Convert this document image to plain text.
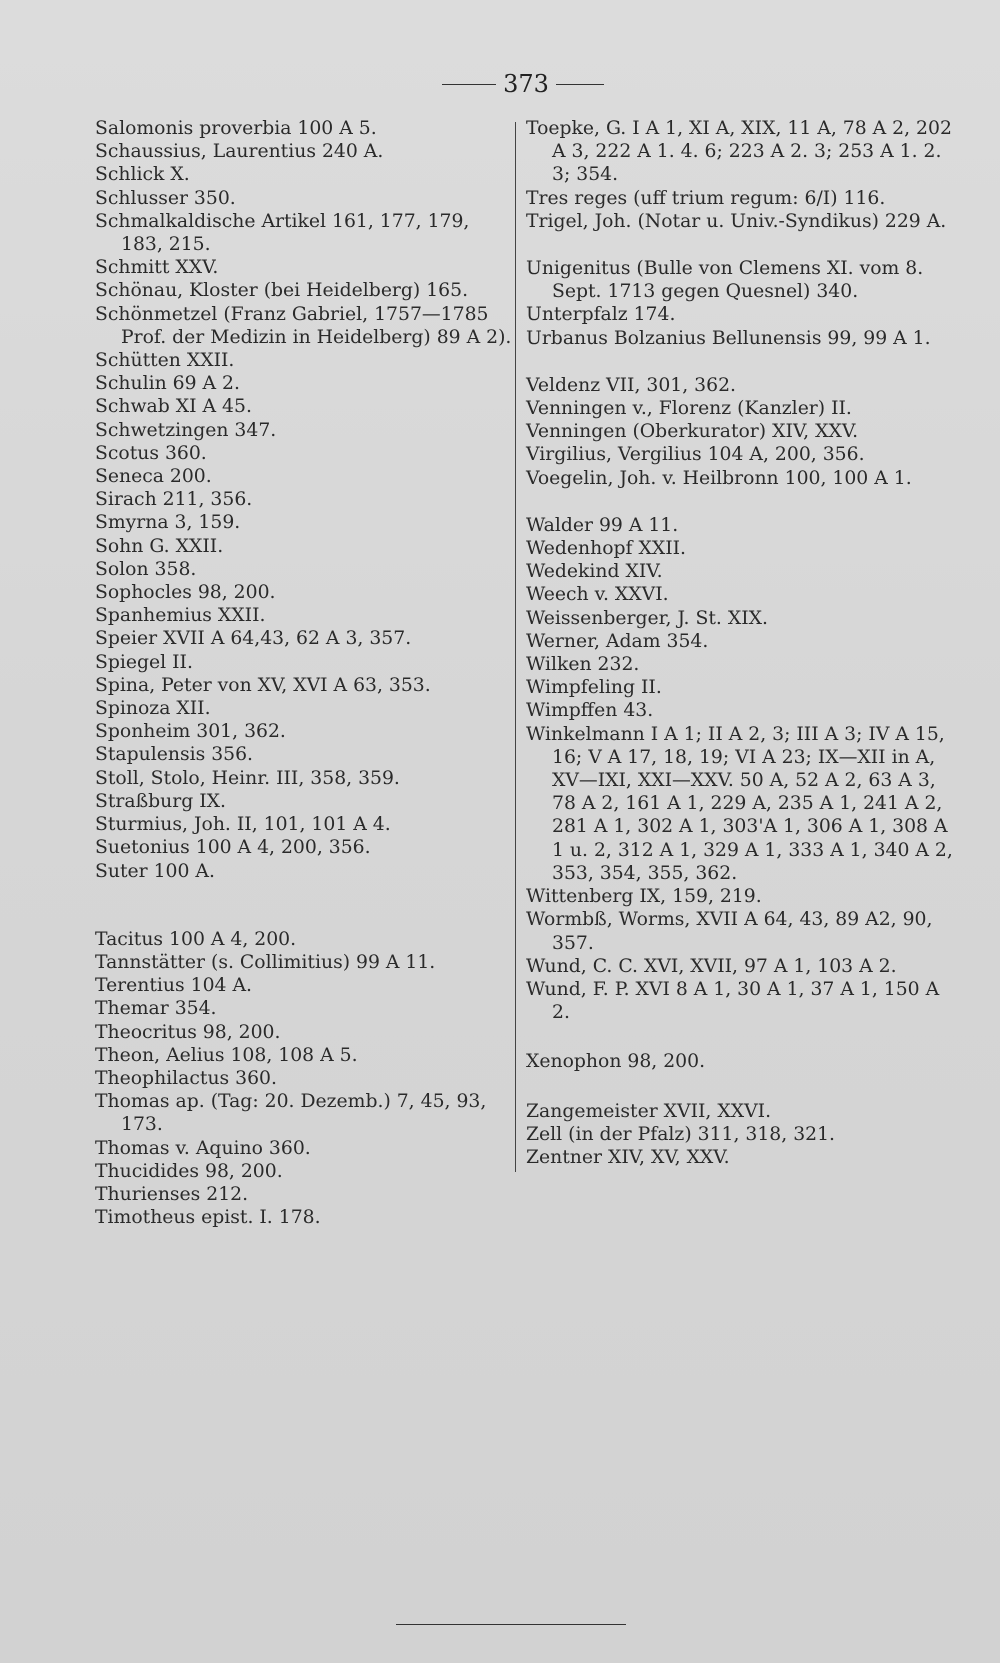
373

Salomonis proverbia 100 A 5.

Schaussius, Laurentius 240 A.

Schlick X.

Schlusser 350.

Schmalkaldische Artikel 161, 177, 179, 183, 215.

Schmitt XXV.

Schönau, Kloster (bei Heidelberg) 165.

Schönmetzel (Franz Gabriel, 1757—1785 Prof. der Medizin in Heidelberg) 89 A 2).

Schütten XXII.

Schulin 69 A 2.

Schwab XI A 45.

Schwetzingen 347.

Scotus 360.

Seneca 200.

Sirach 211, 356.

Smyrna 3, 159.

Sohn G. XXII.

Solon 358.

Sophocles 98, 200.

Spanhemius XXII.

Speier XVII A 64,43, 62 A 3, 357.

Spiegel II.

Spina, Peter von XV, XVI A 63, 353.

Spinoza XII.

Sponheim 301, 362.

Stapulensis 356.

Stoll, Stolo, Heinr. III, 358, 359.

Straßburg IX.

Sturmius, Joh. II, 101, 101 A 4.

Suetonius 100 A 4, 200, 356.

Suter 100 A.

Tacitus 100 A 4, 200.

Tannstätter (s. Collimitius) 99 A 11.

Terentius 104 A.

Themar 354.

Theocritus 98, 200.

Theon, Aelius 108, 108 A 5.

Theophilactus 360.

Thomas ap. (Tag: 20. Dezemb.) 7, 45, 93, 173.

Thomas v. Aquino 360.

Thucidides 98, 200.

Thurienses 212.

Timotheus epist. I. 178.

Toepke, G. I A 1, XI A, XIX, 11 A, 78 A 2, 202 A 3, 222 A 1. 4. 6; 223 A 2. 3; 253 A 1. 2. 3; 354.

Tres reges (uff trium regum: 6/I) 116.

Trigel, Joh. (Notar u. Univ.-Syndikus) 229 A.

Unigenitus (Bulle von Clemens XI. vom 8. Sept. 1713 gegen Quesnel) 340.

Unterpfalz 174.

Urbanus Bolzanius Bellunensis 99, 99 A 1.

Veldenz VII, 301, 362.

Venningen v., Florenz (Kanzler) II.

Venningen (Oberkurator) XIV, XXV.

Virgilius, Vergilius 104 A, 200, 356.

Voegelin, Joh. v. Heilbronn 100, 100 A 1.

Walder 99 A 11.

Wedenhopf XXII.

Wedekind XIV.

Weech v. XXVI.

Weissenberger, J. St. XIX.

Werner, Adam 354.

Wilken 232.

Wimpfeling II.

Wimpffen 43.

Winkelmann I A 1; II A 2, 3; III A 3; IV A 15, 16; V A 17, 18, 19; VI A 23; IX—XII in A, XV—IXI, XXI—XXV. 50 A, 52 A 2, 63 A 3, 78 A 2, 161 A 1, 229 A, 235 A 1, 241 A 2, 281 A 1, 302 A 1, 303'A 1, 306 A 1, 308 A 1 u. 2, 312 A 1, 329 A 1, 333 A 1, 340 A 2, 353, 354, 355, 362.

Wittenberg IX, 159, 219.

Wormbß, Worms, XVII A 64, 43, 89 A2, 90, 357.

Wund, C. C. XVI, XVII, 97 A 1, 103 A 2.

Wund, F. P. XVI 8 A 1, 30 A 1, 37 A 1, 150 A 2.

Xenophon 98, 200.

Zangemeister XVII, XXVI.

Zell (in der Pfalz) 311, 318, 321.

Zentner XIV, XV, XXV.
